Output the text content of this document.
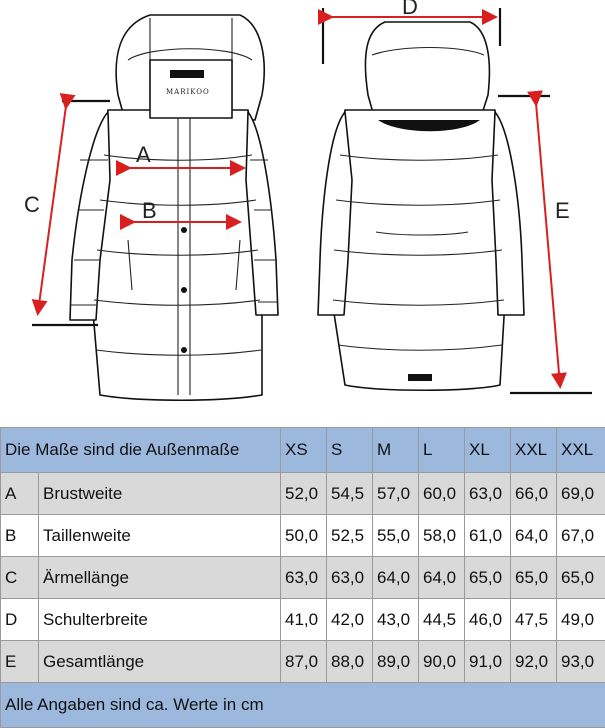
MARIKOO
A
B
C
D
E
Die Maße sind die Außenmaße		XS	S	M	L	XL	XXL	XXL
A	Brustweite	52,0	54,5	57,0	60,0	63,0	66,0	69,0
B	Taillenweite	50,0	52,5	55,0	58,0	61,0	64,0	67,0
C	Ärmellänge	63,0	63,0	64,0	64,0	65,0	65,0	65,0
D	Schulterbreite	41,0	42,0	43,0	44,5	46,0	47,5	49,0
E	Gesamtlänge	87,0	88,0	89,0	90,0	91,0	92,0	93,0
Alle Angaben sind ca. Werte in cm								
